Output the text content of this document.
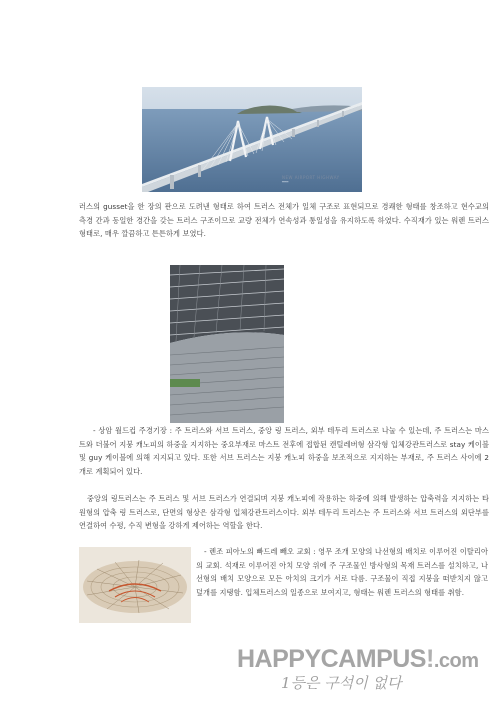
━━━
NEW AIRPORT HIGHWAY

러스의 gusset을 한 장의 판으로 도려낸 형태로 하여 트러스 전체가 일체 구조로 표현되므로 경쾌한 형태를 창조하고 현수교의 측경 간과 동일한 경간을 갖는 트러스 구조이므로 교량 전체가 연속성과 통일성을 유지하도록 하였다. 수직재가 있는 워렌 트러스 형태로, 매우 깔끔하고 튼튼하게 보였다.

- 상암 월드컵 주경기장 : 주 트러스와 서브 트러스, 중앙 링 트러스, 외부 테두리 트러스로 나눌 수 있는데, 주 트러스는 마스트와 더불어 지붕 캐노피의 하중을 지지하는 중요부재로 마스트 전후에 접합된 캔틸레버형 삼각형 입체강관트러스로 stay 케이블 및 guy 케이블에 의해 지지되고 있다. 또한 서브 트러스는 지붕 캐노피 하중을 보조적으로 지지하는 부재로, 주 트러스 사이에 2개로 계획되어 있다.

중앙의 링트러스는 주 트러스 및 서브 트러스가 연결되며 지붕 캐노피에 작용하는 하중에 의해 발생하는 압축력을 지지하는 타원형의 압축 링 트러스로, 단면의 형상은 삼각형 입체강관트러스이다. 외부 테두리 트러스는 주 트러스와 서브 트러스의 외단부를 연결하여 수평, 수직 변형을 강하게 제어하는 역할을 한다.

- 렌조 피아노의 빠드레 빼오 교회 : 영무 조개 모양의 나선형의 배치로 이루어진 이탈리아의 교회. 석재로 이루어진 아치 모양 위에 주 구조물인 방사형의 목재 트러스를 설치하고, 나선형의 배치 모양으로 모든 아치의 크기가 서로 다름. 구조물이 직접 지붕을 떠받치지 않고 덮개를 지탱함. 입체트러스의 일종으로 보여지고, 형태는 워렌 트러스의 형태를 취함.

HAPPYCAMPUS!.com
1등은 구석이 없다
